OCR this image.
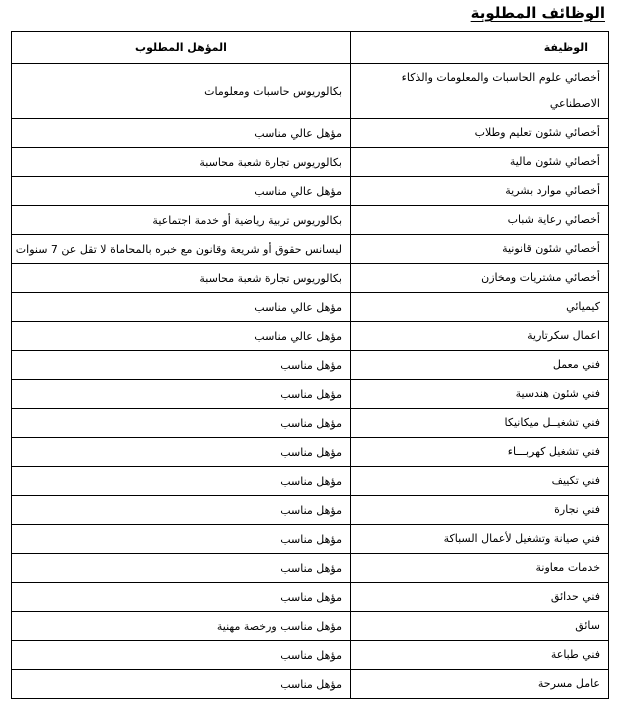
الوظائف المطلوبة
الوظيفة	المؤهل المطلوب
أخصائي علوم الحاسبات والمعلومات والذكاء الاصطناعي	بكالوريوس حاسبات ومعلومات
أخصائي شئون تعليم وطلاب	مؤهل عالي مناسب
أخصائي شئون مالية	بكالوريوس تجارة شعبة محاسبة
أخصائي موارد بشرية	مؤهل عالي مناسب
أخصائي رعاية شباب	بكالوريوس تربية رياضية أو خدمة اجتماعية
أخصائي شئون قانونية	ليسانس حقوق أو شريعة وقانون مع خبره بالمحاماة لا تقل عن 7 سنوات
أخصائي مشتريات ومخازن	بكالوريوس تجارة شعبة محاسبة
كيميائي	مؤهل عالي مناسب
اعمال سكرتارية	مؤهل عالي مناسب
فني معمل	مؤهل مناسب
فني شئون هندسية	مؤهل مناسب
فني تشغيــل ميكانيكا	مؤهل مناسب
فني تشغيل كهربـــاء	مؤهل مناسب
فني تكييف	مؤهل مناسب
فني نجارة	مؤهل مناسب
فني صيانة وتشغيل لأعمال السباكة	مؤهل مناسب
خدمات معاونة	مؤهل مناسب
فني حدائق	مؤهل مناسب
سائق	مؤهل مناسب ورخصة مهنية
فني طباعة	مؤهل مناسب
عامل مسرحة	مؤهل مناسب
